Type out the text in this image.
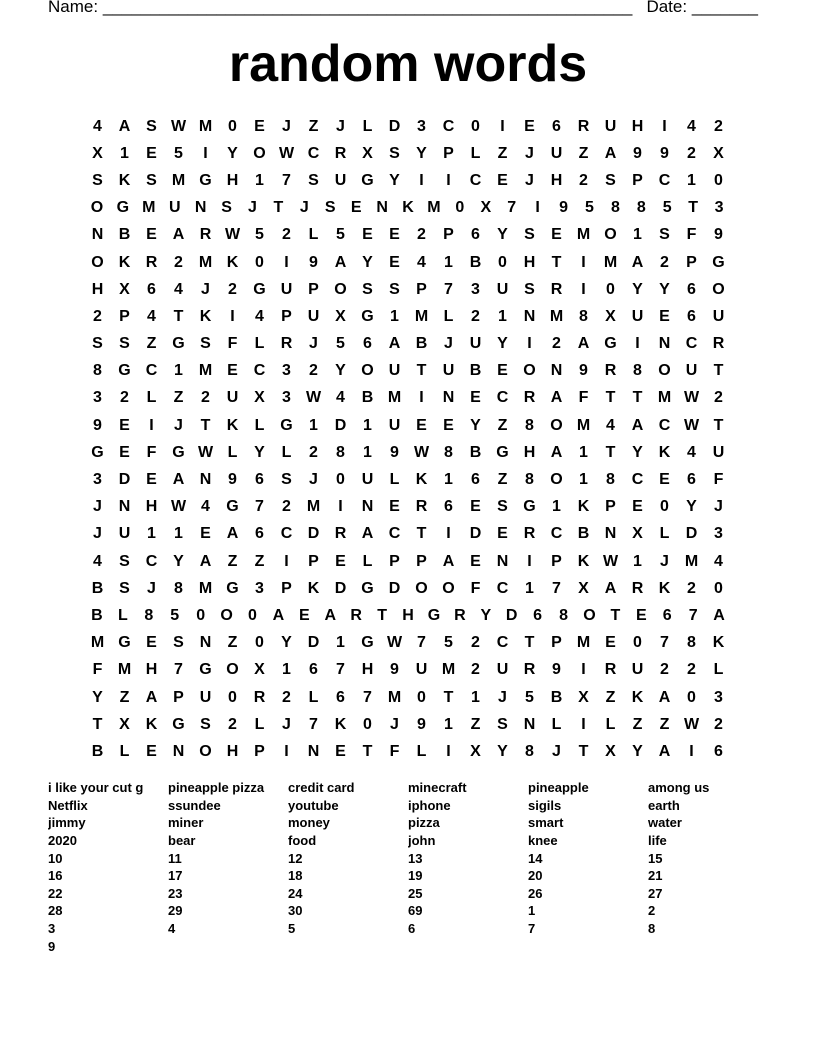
Name: ________________________________________________________ Date: _______
random words
4	A S W M 0	E	J	Z	J	L	D	3	C	0	I	E	6	R U H	I	4	2
X	1	E	5	I	Y O W C R X	S	Y	P	L	Z	J	U	Z	A	9	9	2	X
S K S M G H	1	7	S U G Y	I	I	C E	J	H	2	S	P C	1	0
O G M U N S	J	T	J	S E N K M 0	X	7	I	9	5	8	8	5	T	3
N B E A R W 5	2	L	5	E	E	2	P	6	Y	S	E M O	1	S	F	9
O K R	2 M K	0	I	9	A Y	E	4	1	B	0	H	T	I	M A	2	P G
H X	6	4	J	2	G U P O S	S	P	7	3	U S R	I	0	Y	Y	6	O
2	P	4	T	K	I	4	P U X G	1 M L	2	1	N M 8	X U E	6	U
S	S	Z G S	F	L	R	J	5	6	A B	J	U Y	I	2	A G	I	N C R
8	G C	1 M E C	3	2	Y O U	T	U B E O N	9	R	8	O U	T
3	2	L	Z	2	U X	3 W 4	B M	I	N E C R A	F	T	T M W 2
9	E	I	J	T	K	L G	1	D	1	U E	E	Y	Z	8	O M 4	A C W T
G E	F G W L	Y	L	2	8	1	9 W 8	B G H A	1	T	Y K	4	U
3	D E A N	9	6	S	J	0	U	L	K	1	6	Z	8	O	1	8	C E	6	F
J	N H W 4	G	7	2 M	I	N E R	6	E	S G	1	K P	E	0	Y	J
J	U	1	1	E A	6	C D R A C	T	I	D E R C B N X	L	D	3
4	S C Y A	Z	Z	I	P	E	L	P	P A E N	I	P K W 1	J M 4
B S	J	8 M G	3	P K D G D O O F	C	1	7	X A R K	2	0
B L	8	5	0 O 0 A E A R T H G R Y D 6	8 O T E	6	7 A
M G E	S N	Z	0	Y D	1	G W 7	5	2	C	T	P M E	0	7	8	K
F M H	7	G O X	1	6	7	H	9	U M 2	U R	9	I	R U	2	2	L
Y	Z	A P U	0	R	2	L	6	7 M 0	T	1	J	5	B X	Z	K A	0	3
T	X K G S	2	L	J	7	K	0	J	9	1	Z	S N	L	I	L	Z	Z W 2
B	L	E N O H P	I	N E	T	F	L	I	X	Y	8	J	T	X	Y A	I	6
i like your cut g	pineapple pizza	credit card	minecraft	pineapple	among us
Netflix	ssundee	youtube	iphone	sigils	earth
jimmy	miner	money	pizza	smart	water
2020	bear	food	john	knee	life
10	11	12	13	14	15
16	17	18	19	20	21
22	23	24	25	26	27
28	29	30	69	1	2
3	4	5	6	7	8
9
